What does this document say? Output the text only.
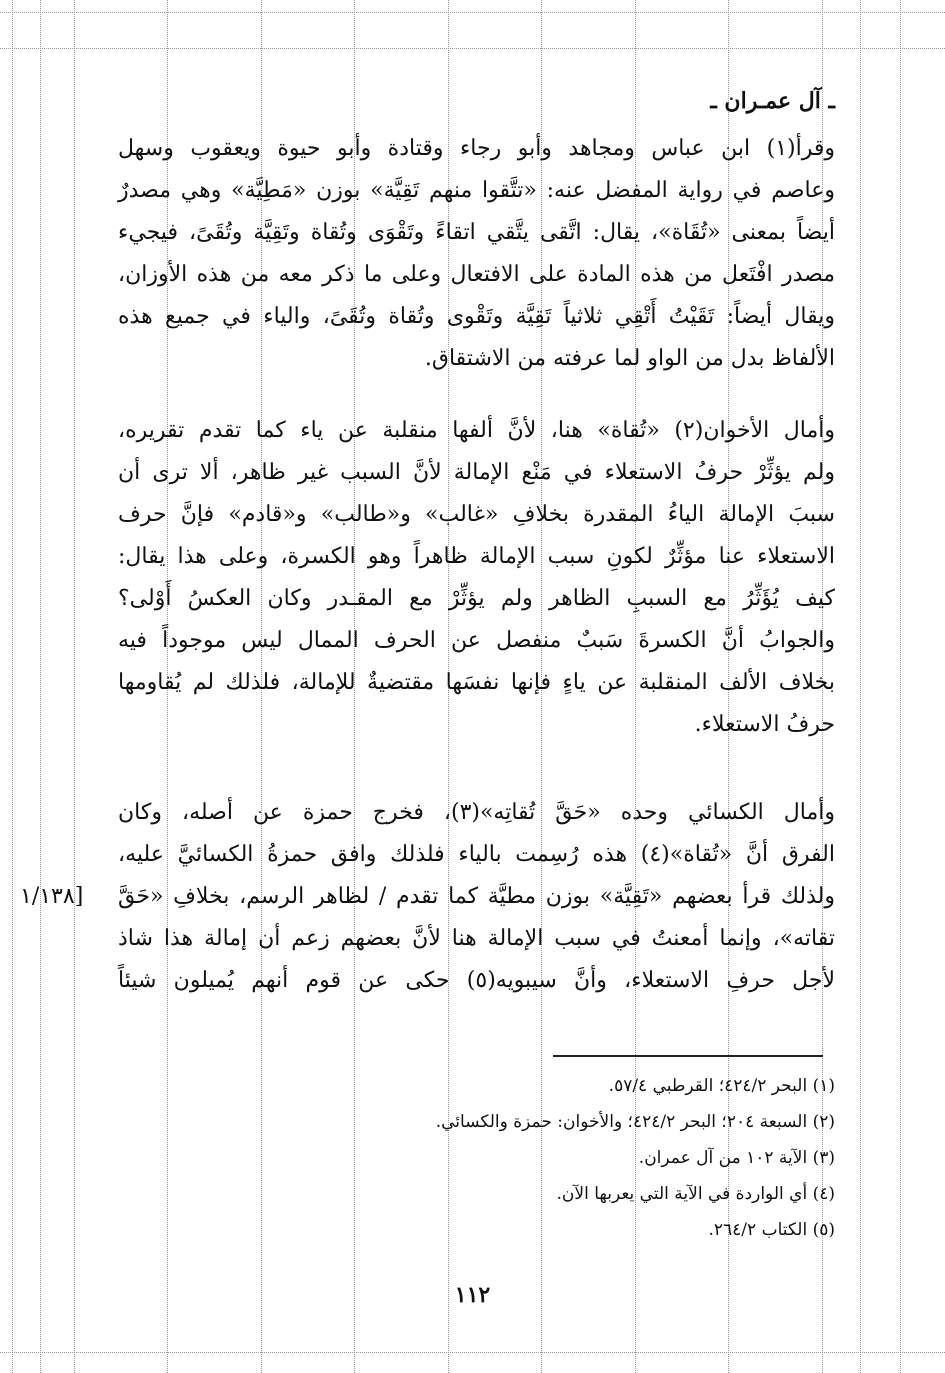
ـ آل عمـران ـ
وقرأ(١) ابن عباس ومجاهد وأبو رجاء وقتادة وأبو حيوة ويعقوب وسهل
وعاصم في رواية المفضل عنه: «تتَّقوا منهم تَقِيَّة» بوزن «مَطِيَّة» وهي مصدرٌ
أيضاً بمعنى «تُقَاة»، يقال: اتَّقى يتَّقي اتقاءً وتَقْوَى وتُقاة وتَقِيَّة وتُقَىً، فيجيء
مصدر افْتَعل من هذه المادة على الافتعال وعلى ما ذكر معه من هذه الأوزان،
ويقال أيضاً: تَقَيْتُ أَتْقِي ثلاثياً تَقِيَّة وتَقْوى وتُقاة وتُقَىً، والياء في جميع هذه
الألفاظ بدل من الواو لما عرفته من الاشتقاق.
وأمال الأخوان(٢) «تُقاة» هنا، لأنَّ ألفها منقلبة عن ياء كما تقدم تقريره،
ولم يؤثِّرْ حرفُ الاستعلاء في مَنْع الإمالة لأنَّ السبب غير ظاهر، ألا ترى أن
سببَ الإمالة الياءُ المقدرة بخلافِ «غالب» و«طالب» و«قادم» فإنَّ حرف
الاستعلاء عنا مؤثِّرٌ لكونِ سبب الإمالة ظاهراً وهو الكسرة، وعلى هذا يقال:
كيف يُؤَثِّرُ مع السببِ الظاهر ولم يؤثِّرْ مع المقـدر وكان العكسُ أَوْلى؟
والجوابُ أنَّ الكسرةَ سَببٌ منفصل عن الحرف الممال ليس موجوداً فيه
بخلاف الألف المنقلبة عن ياءٍ فإنها نفسَها مقتضيةٌ للإمالة، فلذلك لم يُقاومها
حرفُ الاستعلاء.
وأمال الكسائي وحده «حَقَّ تُقاتِه»(٣)، فخرج حمزة عن أصله، وكان
الفرق أنَّ «تُقاة»(٤) هذه رُسِمت بالياء فلذلك وافق حمزةُ الكسائيَّ عليه،
ولذلك قرأ بعضهم «تَقِيَّة» بوزن مطيَّة كما تقدم / لظاهر الرسم، بخلافِ «حَقَّ
تقاته»، وإنما أمعنتُ في سبب الإمالة هنا لأنَّ بعضهم زعم أن إمالة هذا شاذ
لأجل حرفِ الاستعلاء، وأنَّ سيبويه(٥) حكى عن قوم أنهم يُميلون شيئاً
[١/١٣٨
(١) البحر ٤٢٤/٢؛ القرطبي ٥٧/٤.
(٢) السبعة ٢٠٤؛ البحر ٤٢٤/٢؛ والأخوان: حمزة والكسائي.
(٣) الآية ١٠٢ من آل عمران.
(٤) أي الواردة في الآية التي يعربها الآن.
(٥) الكتاب ٢٦٤/٢.
١١٢
